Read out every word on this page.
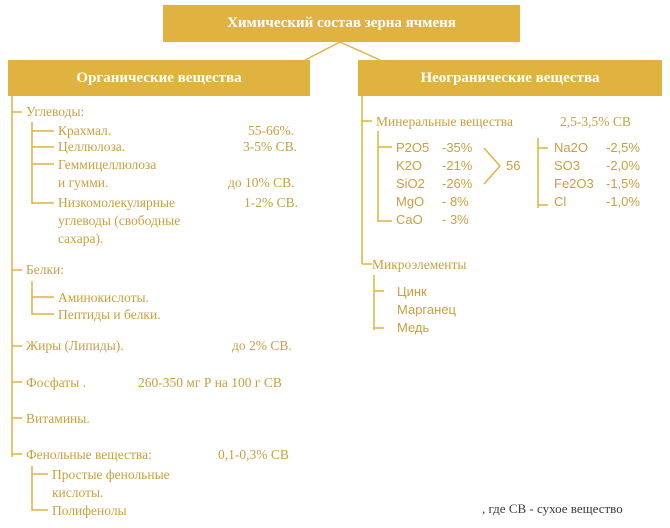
Химический состав зерна ячменя
Органические вещества	Неограничеcкие вещества
Углеводы:
Крахмал.	55-66%.
Целлюлоза.	3-5% СВ.
Геммицеллюлоза
и гумми.	до 10% СВ.
Низкомолекулярные	1-2% СВ.
углеводы (свободные
сахара).
Белки:
Аминокислоты.
Пептиды и белки.
Жиры (Липиды).	до 2% СВ.
Фосфаты .	260-350 мг Р на 100 г СВ
Витамины.
Фенольные вещества:	0,1-0,3% СВ
Простые фенольные
кислоты.
Полифенолы
Минеральные вещества	2,5-3,5% СВ
P2O5 -35%
K2O -21%
SiO2 -26%
MgO - 8%
CaO - 3%
56
Na2O -2,5%
SO3 -2,0%
Fe2O3 -1,5%
Cl	-1,0%
Микроэлементы
Цинк
Марганец
Медь
, где СВ - сухое вещество
